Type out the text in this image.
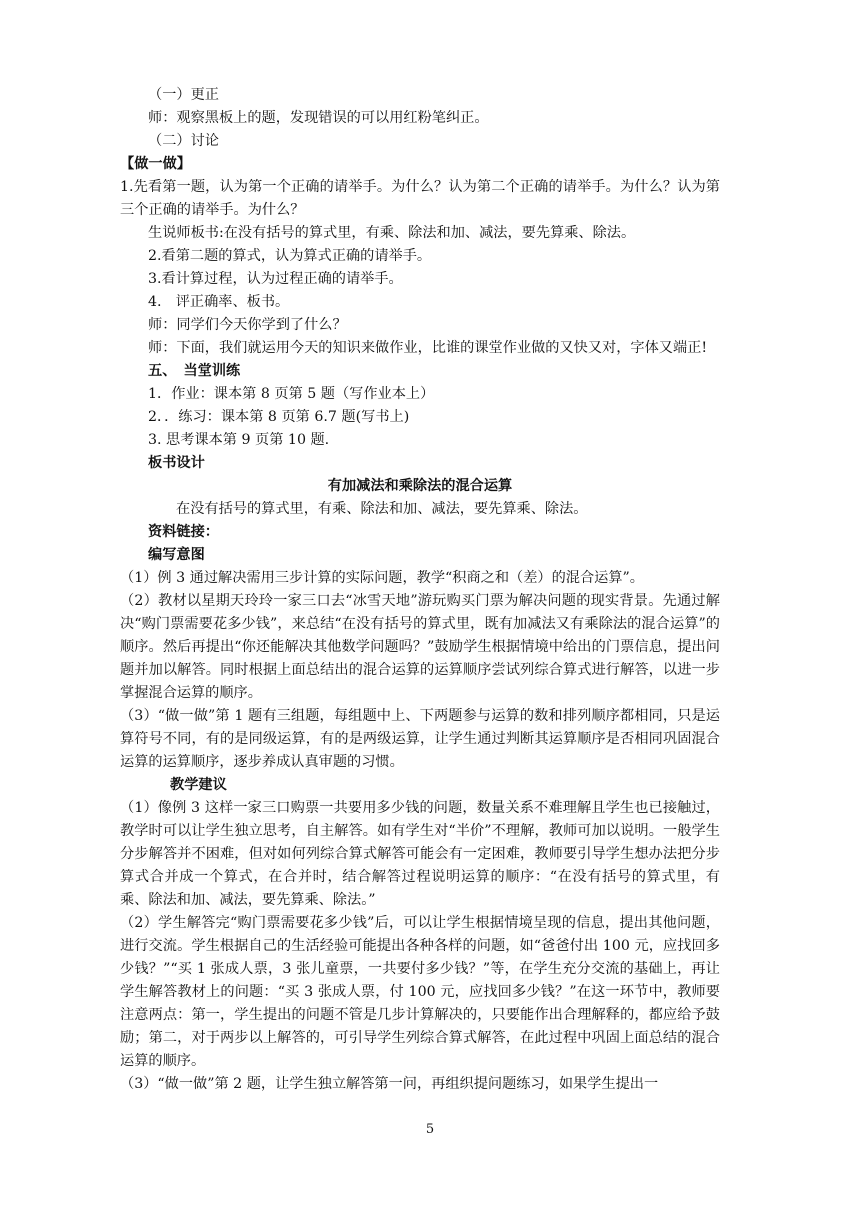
（一）更正

师：观察黑板上的题，发现错误的可以用红粉笔纠正。

（二）讨论

【做一做】

1.先看第一题，认为第一个正确的请举手。为什么？认为第二个正确的请举手。为什么？认为第三个正确的请举手。为什么？

生说师板书:在没有括号的算式里，有乘、除法和加、减法，要先算乘、除法。

2.看第二题的算式，认为算式正确的请举手。

3.看计算过程，认为过程正确的请举手。

4.　评正确率、板书。

师：同学们今天你学到了什么？

师：下面，我们就运用今天的知识来做作业，比谁的课堂作业做的又快又对，字体又端正!

五、　当堂训练

1．作业：课本第 8 页第 5 题（写作业本上）

2．．练习：课本第 8 页第 6.7 题(写书上)

3. 思考课本第 9 页第 10 题.

板书设计

有加减法和乘除法的混合运算

在没有括号的算式里，有乘、除法和加、减法，要先算乘、除法。

资料链接：

编写意图

（1）例 3 通过解决需用三步计算的实际问题，教学“积商之和（差）的混合运算”。

（2）教材以星期天玲玲一家三口去“冰雪天地”游玩购买门票为解决问题的现实背景。先通过解决“购门票需要花多少钱”，来总结“在没有括号的算式里，既有加减法又有乘除法的混合运算”的顺序。然后再提出“你还能解决其他数学问题吗？”鼓励学生根据情境中给出的门票信息，提出问题并加以解答。同时根据上面总结出的混合运算的运算顺序尝试列综合算式进行解答，以进一步掌握混合运算的顺序。

（3）“做一做”第 1 题有三组题，每组题中上、下两题参与运算的数和排列顺序都相同，只是运算符号不同，有的是同级运算，有的是两级运算，让学生通过判断其运算顺序是否相同巩固混合运算的运算顺序，逐步养成认真审题的习惯。

教学建议

（1）像例 3 这样一家三口购票一共要用多少钱的问题，数量关系不难理解且学生也已接触过，教学时可以让学生独立思考，自主解答。如有学生对“半价”不理解，教师可加以说明。一般学生分步解答并不困难，但对如何列综合算式解答可能会有一定困难，教师要引导学生想办法把分步算式合并成一个算式，在合并时，结合解答过程说明运算的顺序：“在没有括号的算式里，有乘、除法和加、减法，要先算乘、除法。”

（2）学生解答完“购门票需要花多少钱”后，可以让学生根据情境呈现的信息，提出其他问题，进行交流。学生根据自己的生活经验可能提出各种各样的问题，如“爸爸付出 100 元，应找回多少钱？”“买 1 张成人票，3 张儿童票，一共要付多少钱？”等，在学生充分交流的基础上，再让学生解答教材上的问题：“买 3 张成人票，付 100 元，应找回多少钱？”在这一环节中，教师要注意两点：第一，学生提出的问题不管是几步计算解决的，只要能作出合理解释的，都应给予鼓励；第二，对于两步以上解答的，可引导学生列综合算式解答，在此过程中巩固上面总结的混合运算的顺序。

（3）“做一做”第 2 题，让学生独立解答第一问，再组织提问题练习，如果学生提出一

5
